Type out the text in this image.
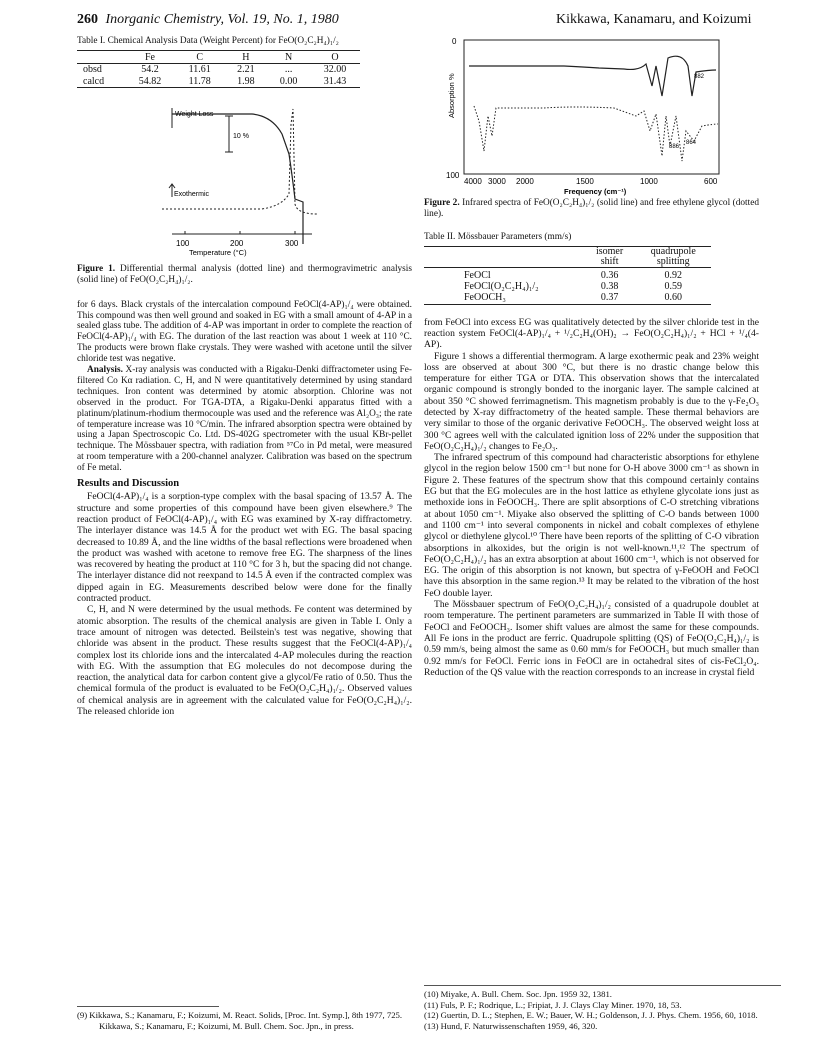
260 Inorganic Chemistry, Vol. 19, No. 1, 1980	Kikkawa, Kanamaru, and Koizumi
Table I. Chemical Analysis Data (Weight Percent) for FeO(O₂C₂H₄)₁/₂
	Fe	C	H	N	O
obsd	54.2	11.61	2.21	...	32.00
calcd	54.82	11.78	1.98	0.00	31.43

Weight Loss
10 %
Exothermic
100	200	300
Temperature (°C)
Figure 1. Differential thermal analysis (dotted line) and thermogravimetric analysis (solid line) of FeO(O₂C₂H₄)₁/₂.

for 6 days. Black crystals of the intercalation compound FeOCl(4-AP)₁/₄ were obtained. This compound was then well ground and soaked in EG with a small amount of 4-AP in a sealed glass tube. The addition of 4-AP was important in order to complete the reaction of FeOCl(4-AP)₁/₄ with EG. The duration of the last reaction was about 1 week at 110 °C. The products were brown flake crystals. They were washed with acetone until the silver chloride test was negative.

Analysis. X-ray analysis was conducted with a Rigaku-Denki diffractometer using Fe-filtered Co Kα radiation. C, H, and N were quantitatively determined by using standard techniques. Iron content was determined by atomic absorption. Chlorine was not observed in the product. For TGA-DTA, a Rigaku-Denki apparatus fitted with a platinum/platinum-rhodium thermocouple was used and the reference was Al₂O₃; the rate of temperature increase was 10 °C/min. The infrared absorption spectra were obtained by using a Japan Spectroscopic Co. Ltd. DS-402G spectrometer with the usual KBr-pellet technique. The Mössbauer spectra, with radiation from ⁵⁷Co in Pd metal, were measured at room temperature with a 200-channel analyzer. Calibration was based on the spectrum of Fe metal.

Results and Discussion

FeOCl(4-AP)₁/₄ is a sorption-type complex with the basal spacing of 13.57 Å. The structure and some properties of this compound have been given elsewhere.⁹ The reaction product of FeOCl(4-AP)₁/₄ with EG was examined by X-ray diffractometry. The interlayer distance was 14.5 Å for the product wet with EG. The basal spacing decreased to 10.89 Å, and the line widths of the basal reflections were broadened when the product was washed with acetone to remove free EG. The sharpness of the lines was recovered by heating the product at 110 °C for 3 h, but the spacing did not change. The interlayer distance did not reexpand to 14.5 Å even if the contracted complex was dipped again in EG. Measurements described below were done for the finally contracted product.

C, H, and N were determined by the usual methods. Fe content was determined by atomic absorption. The results of the chemical analysis are given in Table I. Only a trace amount of nitrogen was detected. Beilstein's test was negative, showing that chloride was absent in the product. These results suggest that the FeOCl(4-AP)₁/₄ complex lost its chloride ions and the intercalated 4-AP molecules during the reaction with EG. With the assumption that EG molecules do not decompose during the reaction, the analytical data for carbon content give a glycol/Fe ratio of 0.50. Thus the chemical formula of the product is evaluated to be FeO(O₂C₂H₄)₁/₂. Observed values of chemical analysis are in agreement with the calculated value for FeO(O₂C₂H₄)₁/₂. The released chloride ion

(9) Kikkawa, S.; Kanamaru, F.; Koizumi, M. React. Solids, [Proc. Int. Symp.], 8th 1977, 725. Kikkawa, S.; Kanamaru, F.; Koizumi, M. Bull. Chem. Soc. Jpn., in press.
0
100
Absorption %	882
886
864
4000 3000 2000	1500	1000	600
Frequency (cm⁻¹)
Figure 2. Infrared spectra of FeO(O₂C₂H₄)₁/₂ (solid line) and free ethylene glycol (dotted line).
Table II. Mössbauer Parameters (mm/s)
	isomer
shift	quadrupole
splitting

FeOCl	0.36	0.92
FeOCl(O₂C₂H₄)₁/₂	0.38	0.59
FeOOCH₃	0.37	0.60

from FeOCl into excess EG was qualitatively detected by the silver chloride test in the reaction system FeOCl(4-AP)₁/₄ + ¹/₂C₂H₄(OH)₂ → FeO(O₂C₂H₄)₁/₂ + HCl + ¹/₄(4-AP).

Figure 1 shows a differential thermogram. A large exothermic peak and 23% weight loss are observed at about 300 °C, but there is no drastic change below this temperature for either TGA or DTA. This observation shows that the intercalated organic compound is strongly bonded to the inorganic layer. The sample calcined at about 350 °C showed ferrimagnetism. This magnetism probably is due to the γ-Fe₂O₃ detected by X-ray diffractometry of the heated sample. These thermal behaviors are very similar to those of the organic derivative FeOOCH₃. The observed weight loss at 300 °C agrees well with the calculated ignition loss of 22% under the supposition that FeO(O₂C₂H₄)₁/₂ changes to Fe₂O₃.

The infrared spectrum of this compound had characteristic absorptions for ethylene glycol in the region below 1500 cm⁻¹ but none for O-H above 3000 cm⁻¹ as shown in Figure 2. These features of the spectrum show that this compound certainly contains EG but that the EG molecules are in the host lattice as ethylene glycolate ions just as methoxide ions in FeOOCH₃. There are split absorptions of C-O stretching vibrations at about 1050 cm⁻¹. Miyake also observed the splitting of C-O bands between 1000 and 1100 cm⁻¹ into several components in nickel and cobalt complexes of ethylene glycol or diethylene glycol.¹⁰ There have been reports of the splitting of C-O vibration absorptions in alkoxides, but the origin is not well-known.¹¹,¹² The spectrum of FeO(O₂C₂H₄)₁/₂ has an extra absorption at about 1600 cm⁻¹, which is not observed for EG. The origin of this absorption is not known, but spectra of γ-FeOOH and FeOCl have this absorption in the same region.¹³ It may be related to the vibration of the host FeO double layer.

The Mössbauer spectrum of FeO(O₂C₂H₄)₁/₂ consisted of a quadrupole doublet at room temperature. The pertinent parameters are summarized in Table II with those of FeOCl and FeOOCH₃. Isomer shift values are almost the same for these compounds. All Fe ions in the product are ferric. Quadrupole splitting (QS) of FeO(O₂C₂H₄)₁/₂ is 0.59 mm/s, being almost the same as 0.60 mm/s for FeOOCH₃ but much smaller than 0.92 mm/s for FeOCl. Ferric ions in FeOCl are in octahedral sites of cis-FeCl₂O₄. Reduction of the QS value with the reaction corresponds to an increase in crystal field

(10) Miyake, A. Bull. Chem. Soc. Jpn. 1959 32, 1381.
(11) Fuls, P. F.; Rodrique, L.; Fripiat, J. J. Clays Clay Miner. 1970, 18, 53.
(12) Guertin, D. L.; Stephen, E. W.; Bauer, W. H.; Goldenson, J. J. Phys. Chem. 1956, 60, 1018.
(13) Hund, F. Naturwissenschaften 1959, 46, 320.
